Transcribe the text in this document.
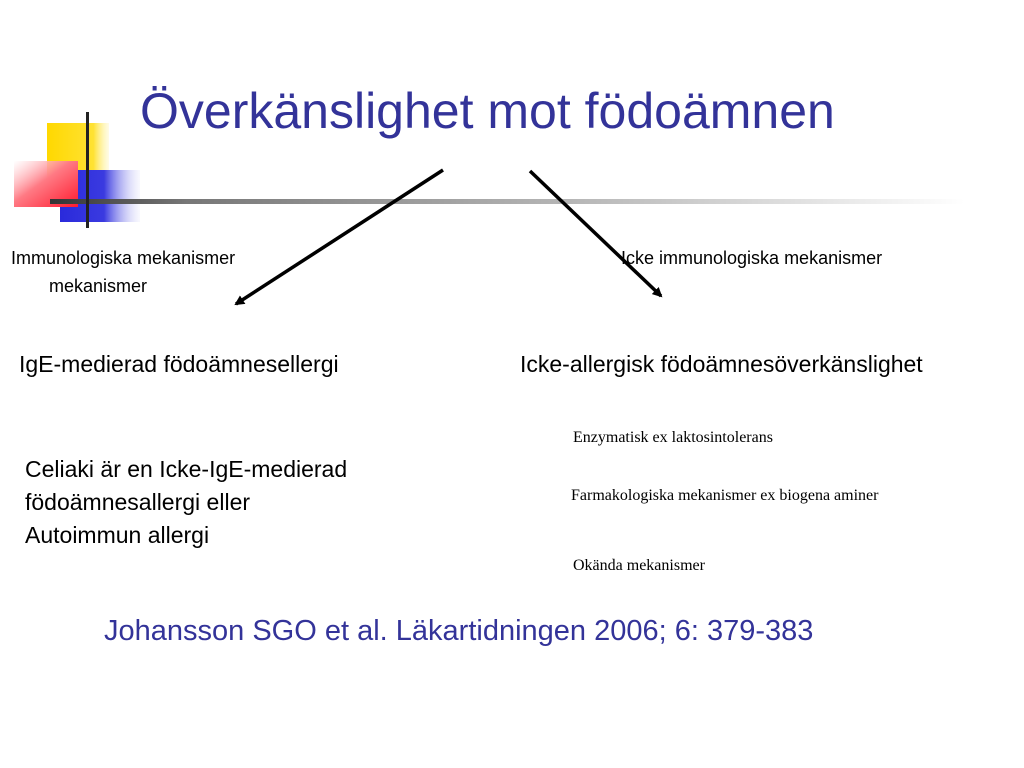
Överkänslighet mot födoämnen
Immunologiska mekanismer
mekanismer
Icke immunologiska mekanismer
IgE-medierad födoämnesellergi	Icke-allergisk födoämnesöverkänslighet
Celiaki är en Icke-IgE-medierad
födoämnesallergi eller
Autoimmun allergi
Enzymatisk ex laktosintolerans
Farmakologiska mekanismer ex biogena aminer
Okända mekanismer
Johansson SGO et al. Läkartidningen 2006; 6: 379-383
